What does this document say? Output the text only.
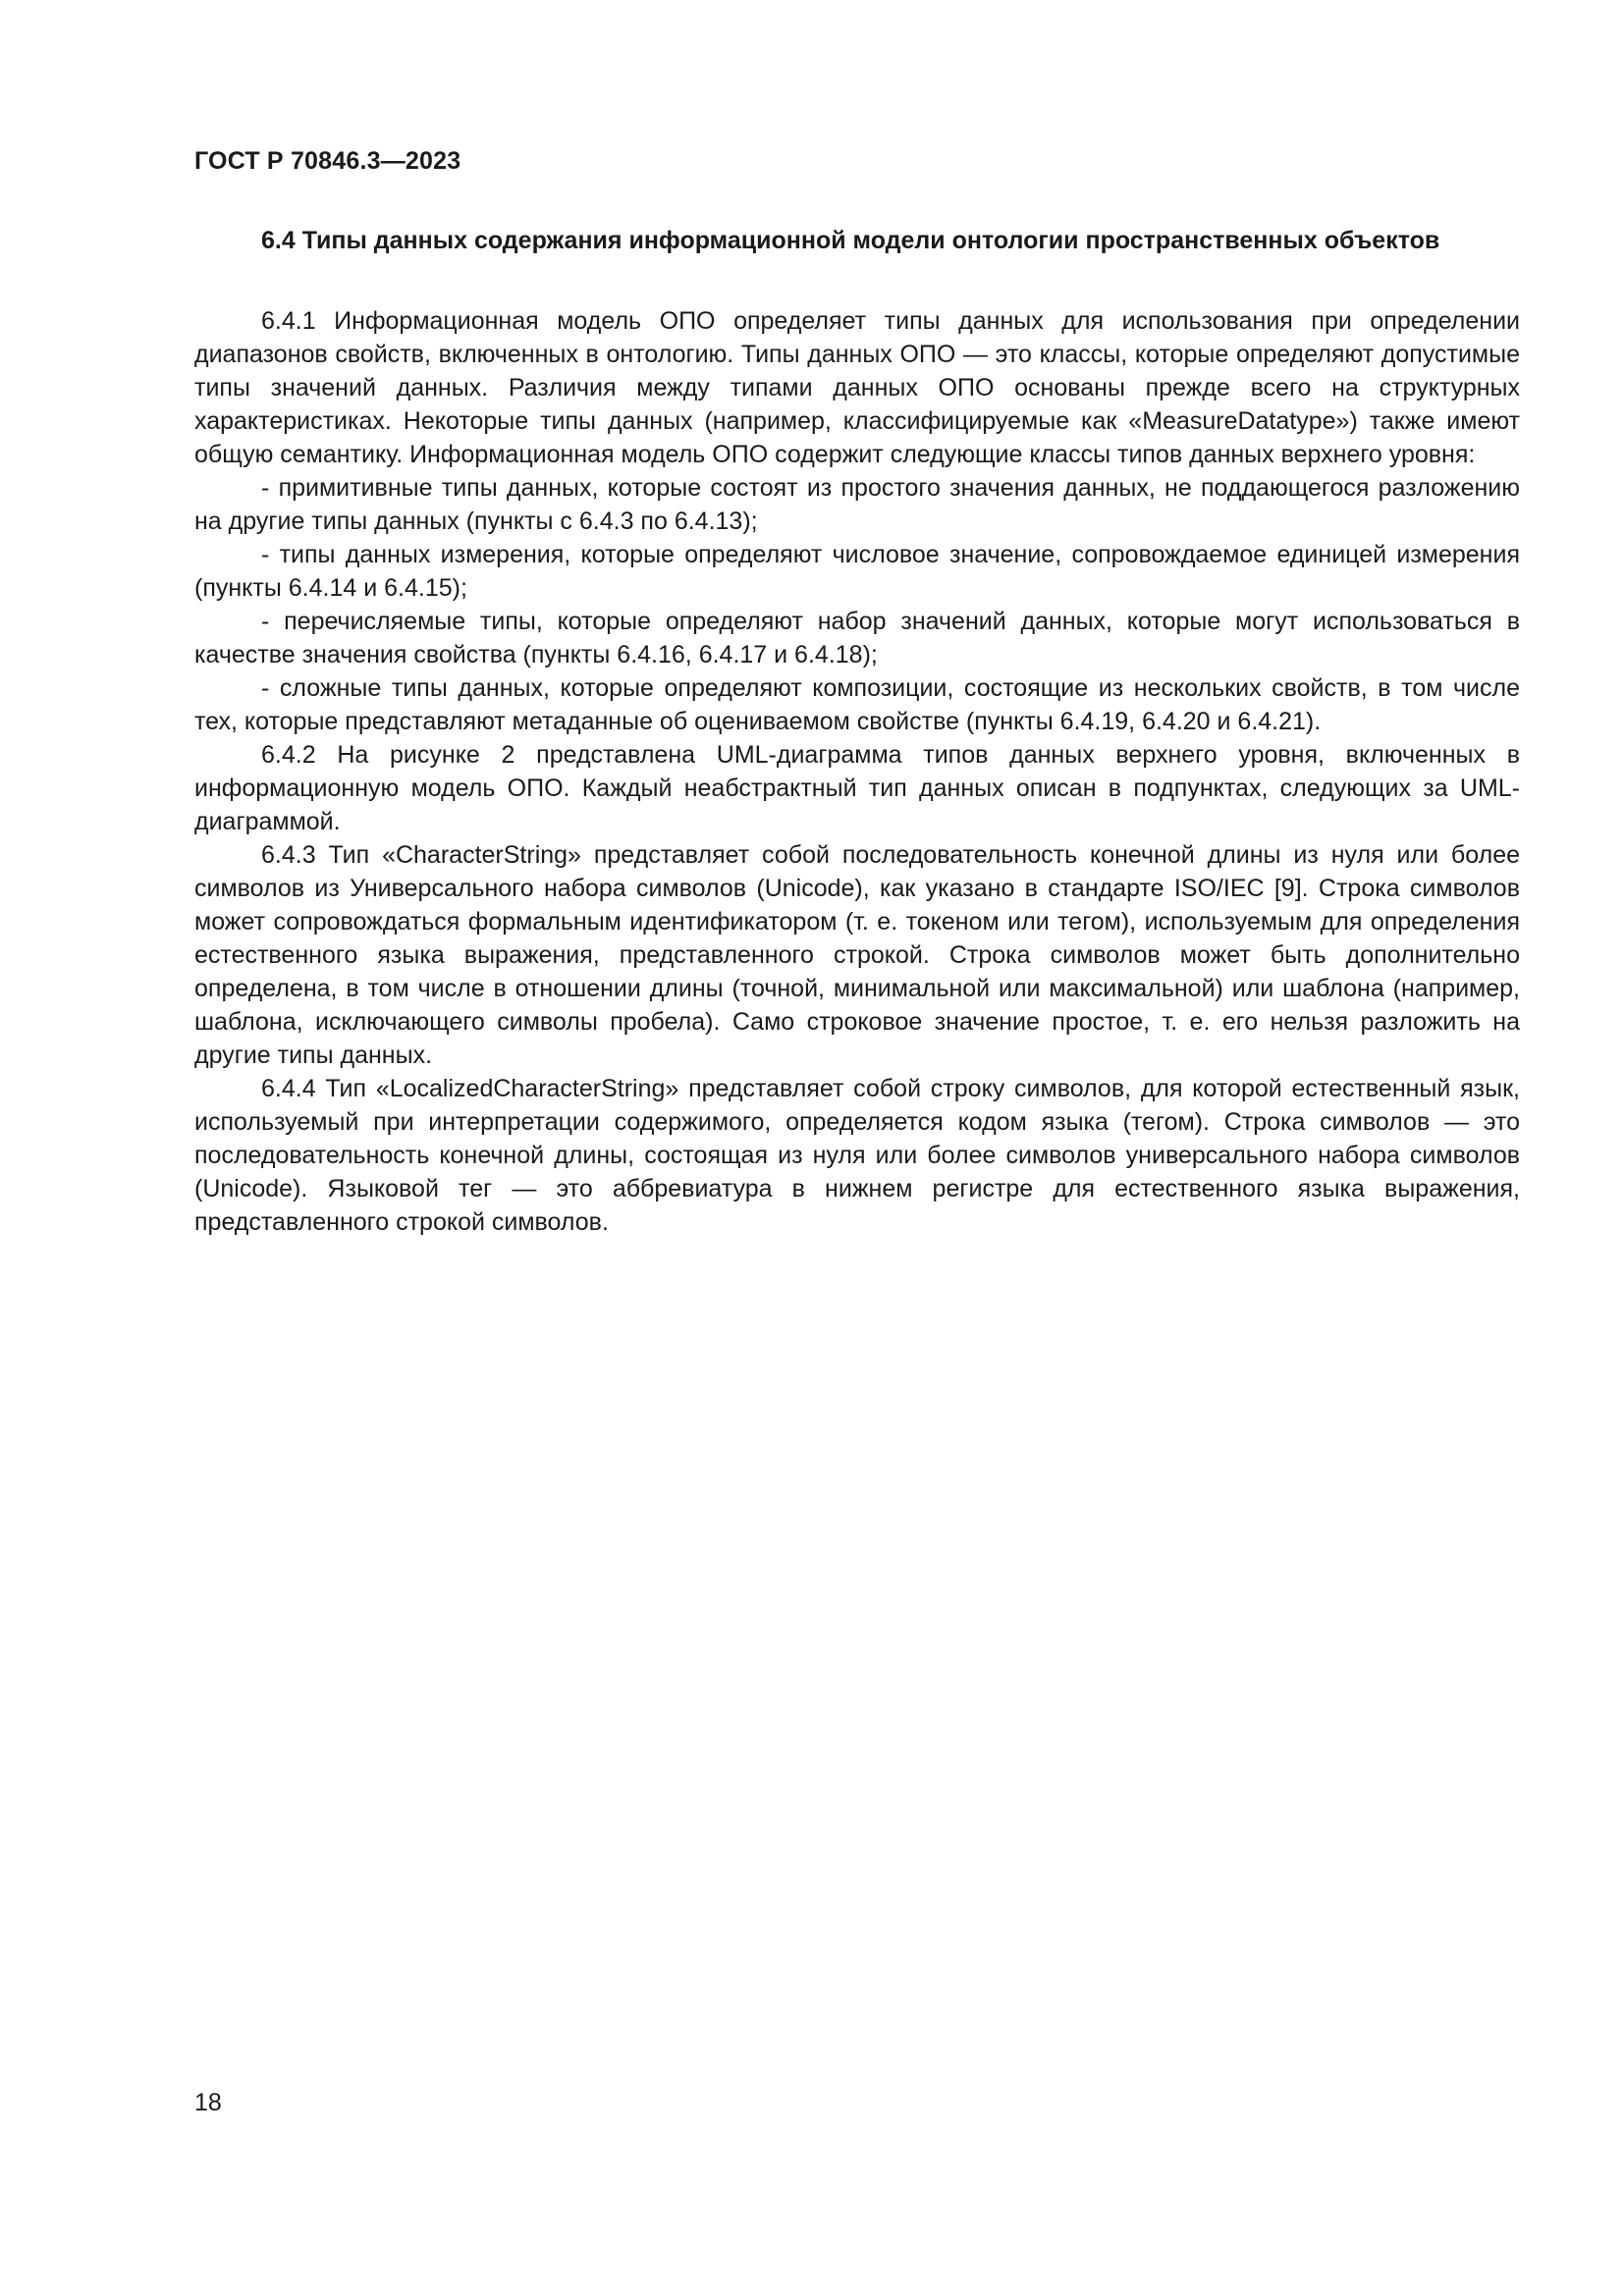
ГОСТ Р 70846.3—2023
6.4 Типы данных содержания информационной модели онтологии пространственных объектов

6.4.1 Информационная модель ОПО определяет типы данных для использования при определении диапазонов свойств, включенных в онтологию. Типы данных ОПО — это классы, которые определяют допустимые типы значений данных. Различия между типами данных ОПО основаны прежде всего на структурных характеристиках. Некоторые типы данных (например, классифицируемые как «MeasureDatatype») также имеют общую семантику. Информационная модель ОПО содержит следующие классы типов данных верхнего уровня:

- примитивные типы данных, которые состоят из простого значения данных, не поддающегося разложению на другие типы данных (пункты с 6.4.3 по 6.4.13);

- типы данных измерения, которые определяют числовое значение, сопровождаемое единицей измерения (пункты 6.4.14 и 6.4.15);

- перечисляемые типы, которые определяют набор значений данных, которые могут использоваться в качестве значения свойства (пункты 6.4.16, 6.4.17 и 6.4.18);

- сложные типы данных, которые определяют композиции, состоящие из нескольких свойств, в том числе тех, которые представляют метаданные об оцениваемом свойстве (пункты 6.4.19, 6.4.20 и 6.4.21).

6.4.2 На рисунке 2 представлена UML-диаграмма типов данных верхнего уровня, включенных в информационную модель ОПО. Каждый неабстрактный тип данных описан в подпунктах, следующих за UML-диаграммой.

6.4.3 Тип «CharacterString» представляет собой последовательность конечной длины из нуля или более символов из Универсального набора символов (Unicode), как указано в стандарте ISO/IEC [9]. Строка символов может сопровождаться формальным идентификатором (т. е. токеном или тегом), используемым для определения естественного языка выражения, представленного строкой. Строка символов может быть дополнительно определена, в том числе в отношении длины (точной, минимальной или максимальной) или шаблона (например, шаблона, исключающего символы пробела). Само строковое значение простое, т. е. его нельзя разложить на другие типы данных.

6.4.4 Тип «LocalizedCharacterString» представляет собой строку символов, для которой естественный язык, используемый при интерпретации содержимого, определяется кодом языка (тегом). Строка символов — это последовательность конечной длины, состоящая из нуля или более символов универсального набора символов (Unicode). Языковой тег — это аббревиатура в нижнем регистре для естественного языка выражения, представленного строкой символов.

18
